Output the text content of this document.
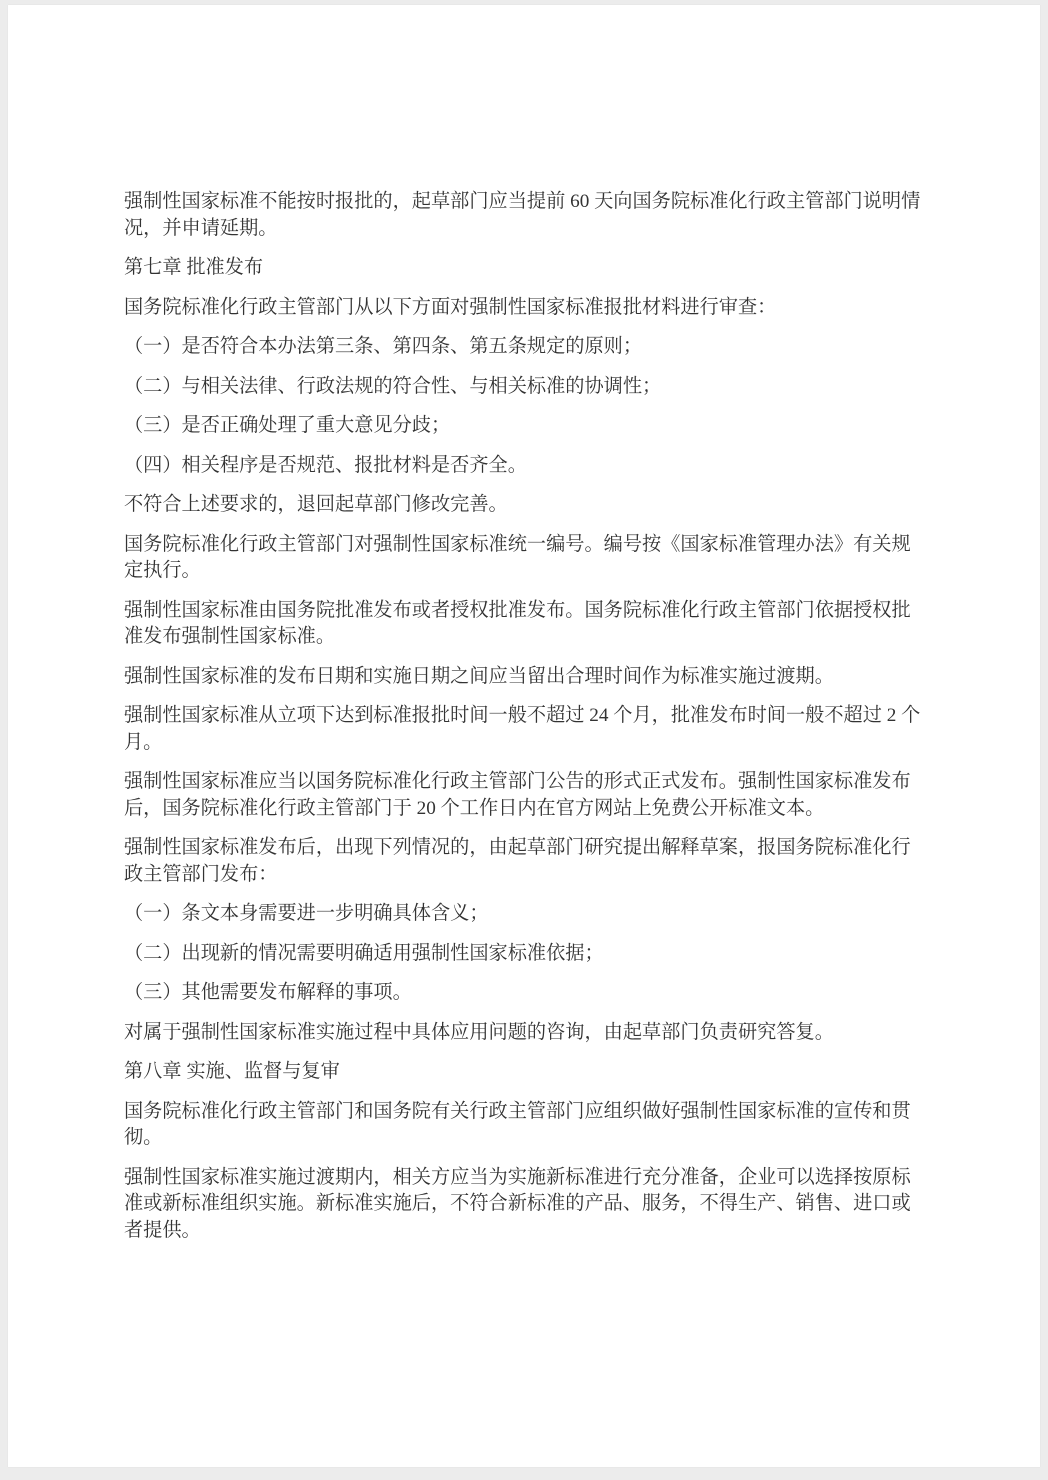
强制性国家标准不能按时报批的，起草部门应当提前 60 天向国务院标准化行政主管部门说明情况，并申请延期。

第七章 批准发布

国务院标准化行政主管部门从以下方面对强制性国家标准报批材料进行审查：

（一）是否符合本办法第三条、第四条、第五条规定的原则；

（二）与相关法律、行政法规的符合性、与相关标准的协调性；

（三）是否正确处理了重大意见分歧；

（四）相关程序是否规范、报批材料是否齐全。

不符合上述要求的，退回起草部门修改完善。

国务院标准化行政主管部门对强制性国家标准统一编号。编号按《国家标准管理办法》有关规定执行。

强制性国家标准由国务院批准发布或者授权批准发布。国务院标准化行政主管部门依据授权批准发布强制性国家标准。

强制性国家标准的发布日期和实施日期之间应当留出合理时间作为标准实施过渡期。

强制性国家标准从立项下达到标准报批时间一般不超过 24 个月，批准发布时间一般不超过 2 个月。

强制性国家标准应当以国务院标准化行政主管部门公告的形式正式发布。强制性国家标准发布后，国务院标准化行政主管部门于 20 个工作日内在官方网站上免费公开标准文本。

强制性国家标准发布后，出现下列情况的，由起草部门研究提出解释草案，报国务院标准化行政主管部门发布：

（一）条文本身需要进一步明确具体含义；

（二）出现新的情况需要明确适用强制性国家标准依据；

（三）其他需要发布解释的事项。

对属于强制性国家标准实施过程中具体应用问题的咨询，由起草部门负责研究答复。

第八章 实施、监督与复审

国务院标准化行政主管部门和国务院有关行政主管部门应组织做好强制性国家标准的宣传和贯彻。

强制性国家标准实施过渡期内，相关方应当为实施新标准进行充分准备，企业可以选择按原标准或新标准组织实施。新标准实施后，不符合新标准的产品、服务，不得生产、销售、进口或者提供。
